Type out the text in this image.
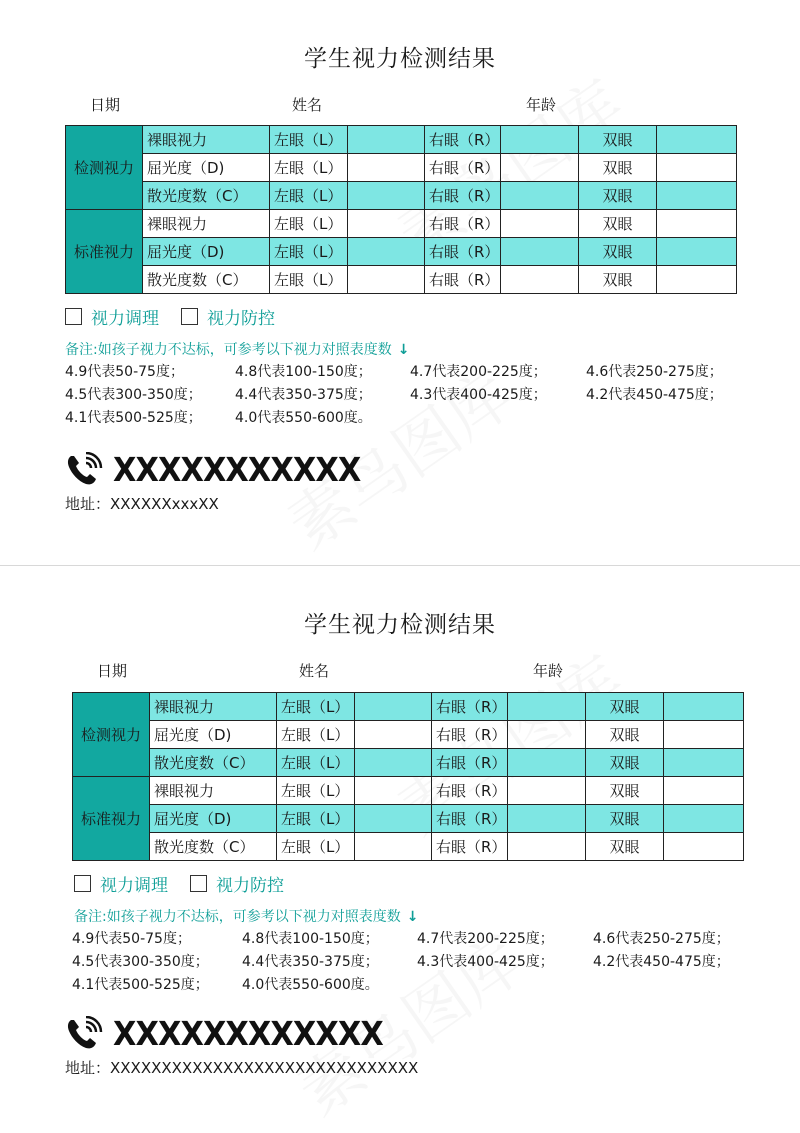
学生视力检测结果
日期	姓名	年龄
检测视力	裸眼视力	左眼（L）		右眼（R）		双眼	
	屈光度（D)	左眼（L）		右眼（R）		双眼	
	散光度数（C）	左眼（L）		右眼（R）		双眼	
标准视力	裸眼视力	左眼（L）		右眼（R）		双眼	
	屈光度（D)	左眼（L）		右眼（R）		双眼	
	散光度数（C）	左眼（L）		右眼（R）		双眼	
视力调理	视力防控
备注:如孩子视力不达标，可参考以下视力对照表度数 ↓
4.9代表50-75度；	4.8代表100-150度；	4.7代表200-225度；	4.6代表250-275度；
4.5代表300-350度； 4.4代表350-375度；	4.3代表400-425度；	4.2代表450-475度；
4.1代表500-525度； 4.0代表550-600度。
XXXXXXXXXXX
地址：XXXXXXxxxXX
学生视力检测结果
日期	姓名	年龄
检测视力	裸眼视力	左眼（L）		右眼（R）		双眼	
	屈光度（D)	左眼（L）		右眼（R）		双眼	
	散光度数（C）	左眼（L）		右眼（R）		双眼	
标准视力	裸眼视力	左眼（L）		右眼（R）		双眼	
	屈光度（D)	左眼（L）		右眼（R）		双眼	
	散光度数（C）	左眼（L）		右眼（R）		双眼	
视力调理	视力防控
备注:如孩子视力不达标，可参考以下视力对照表度数 ↓
4.9代表50-75度；	4.8代表100-150度；	4.7代表200-225度；	4.6代表250-275度；
4.5代表300-350度； 4.4代表350-375度；	4.3代表400-425度；	4.2代表450-475度；
4.1代表500-525度； 4.0代表550-600度。
XXXXXXXXXXXX
地址：XXXXXXXXXXXXXXXXXXXXXXXXXXXXXX
